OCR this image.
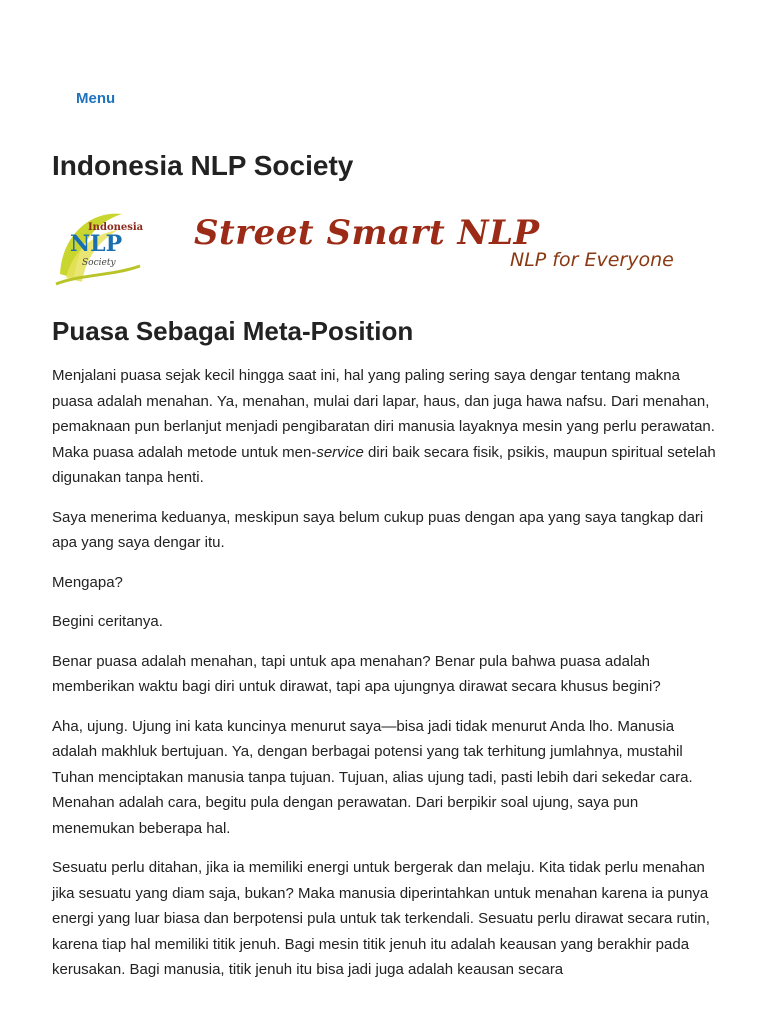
Menu
Indonesia NLP Society
Indonesia
NLP
Society
Street Smart NLP
NLP for Everyone
Puasa Sebagai Meta-Position

Menjalani puasa sejak kecil hingga saat ini, hal yang paling sering saya dengar tentang makna puasa adalah menahan. Ya, menahan, mulai dari lapar, haus, dan juga hawa nafsu. Dari menahan, pemaknaan pun berlanjut menjadi pengibaratan diri manusia layaknya mesin yang perlu perawatan. Maka puasa adalah metode untuk men-service diri baik secara fisik, psikis, maupun spiritual setelah digunakan tanpa henti.

Saya menerima keduanya, meskipun saya belum cukup puas dengan apa yang saya tangkap dari apa yang saya dengar itu.

Mengapa?

Begini ceritanya.

Benar puasa adalah menahan, tapi untuk apa menahan? Benar pula bahwa puasa adalah memberikan waktu bagi diri untuk dirawat, tapi apa ujungnya dirawat secara khusus begini?

Aha, ujung. Ujung ini kata kuncinya menurut saya—bisa jadi tidak menurut Anda lho. Manusia adalah makhluk bertujuan. Ya, dengan berbagai potensi yang tak terhitung jumlahnya, mustahil Tuhan menciptakan manusia tanpa tujuan. Tujuan, alias ujung tadi, pasti lebih dari sekedar cara. Menahan adalah cara, begitu pula dengan perawatan. Dari berpikir soal ujung, saya pun menemukan beberapa hal.

Sesuatu perlu ditahan, jika ia memiliki energi untuk bergerak dan melaju. Kita tidak perlu menahan jika sesuatu yang diam saja, bukan? Maka manusia diperintahkan untuk menahan karena ia punya energi yang luar biasa dan berpotensi pula untuk tak terkendali. Sesuatu perlu dirawat secara rutin, karena tiap hal memiliki titik jenuh. Bagi mesin titik jenuh itu adalah keausan yang berakhir pada kerusakan. Bagi manusia, titik jenuh itu bisa jadi juga adalah keausan secara
